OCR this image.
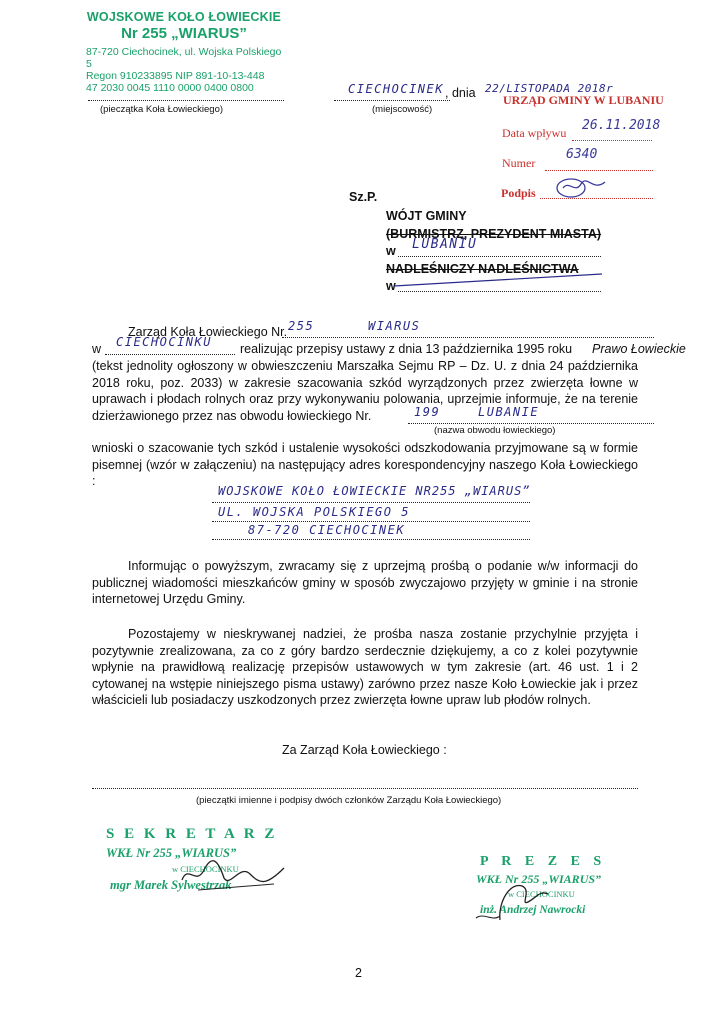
WOJSKOWE KOŁO ŁOWIECKIE
Nr 255 „WIARUS”
87-720 Ciechocinek, ul. Wojska Polskiego 5
Regon 910233895 NIP 891-10-13-448
47 2030 0045 1110 0000 0400 0800
(pieczątka Koła Łowieckiego)
CIECHOCINEK , dnia 22/LISTOPADA 2018r
(miejscowość)
URZĄD GMINY W LUBANIU
Data wpływu 26.11.2018
Numer
6340
Podpis
Sz.P.
WÓJT GMINY
(BURMISTRZ, PREZYDENT MIASTA)
w LUBANIU
NADLEŚNICZY NADLEŚNICTWA
w
Zarząd Koła Łowieckiego Nr. 255	WIARUS
w CIECHOCINKU realizując przepisy ustawy z dnia 13 października 1995 roku Prawo Łowieckie
(tekst jednolity ogłoszony w obwieszczeniu Marszałka Sejmu RP – Dz. U. z dnia 24 października 2018 roku, poz. 2033) w zakresie szacowania szkód wyrządzonych przez zwierzęta łowne w uprawach i płodach rolnych oraz przy wykonywaniu polowania, uprzejmie informuje, że na terenie dzierżawionego przez nas obwodu łowieckiego Nr.	199	LUBANIE
(nazwa obwodu łowieckiego)
wnioski o szacowanie tych szkód i ustalenie wysokości odszkodowania przyjmowane są w formie pisemnej (wzór w załączeniu) na następujący adres korespondencyjny naszego Koła Łowieckiego :
WOJSKOWE KOŁO ŁOWIECKIE NR255 „WIARUS”
UL. WOJSKA POLSKIEGO 5
87-720 CIECHOCINEK
Informując o powyższym, zwracamy się z uprzejmą prośbą o podanie w/w informacji do publicznej wiadomości mieszkańców gminy w sposób zwyczajowo przyjęty w gminie i na stronie internetowej Urzędu Gminy.
Pozostajemy w nieskrywanej nadziei, że prośba nasza zostanie przychylnie przyjęta i pozytywnie zrealizowana, za co z góry bardzo serdecznie dziękujemy, a co z kolei pozytywnie wpłynie na prawidłową realizację przepisów ustawowych w tym zakresie (art. 46 ust. 1 i 2 cytowanej na wstępie niniejszego pisma ustawy) zarówno przez nasze Koło Łowieckie jak i przez właścicieli lub posiadaczy uszkodzonych przez zwierzęta łowne upraw lub płodów rolnych.
Za Zarząd Koła Łowieckiego :
(pieczątki imienne i podpisy dwóch członków Zarządu Koła Łowieckiego)
S E K R E T A R Z
WKŁ Nr 255 „WIARUS”
w CIECHOCINKU
mgr Marek Sylwestrzak
P R E Z E S
WKŁ Nr 255 „WIARUS”
w CIECHOCINKU
inż. Andrzej Nawrocki
2
